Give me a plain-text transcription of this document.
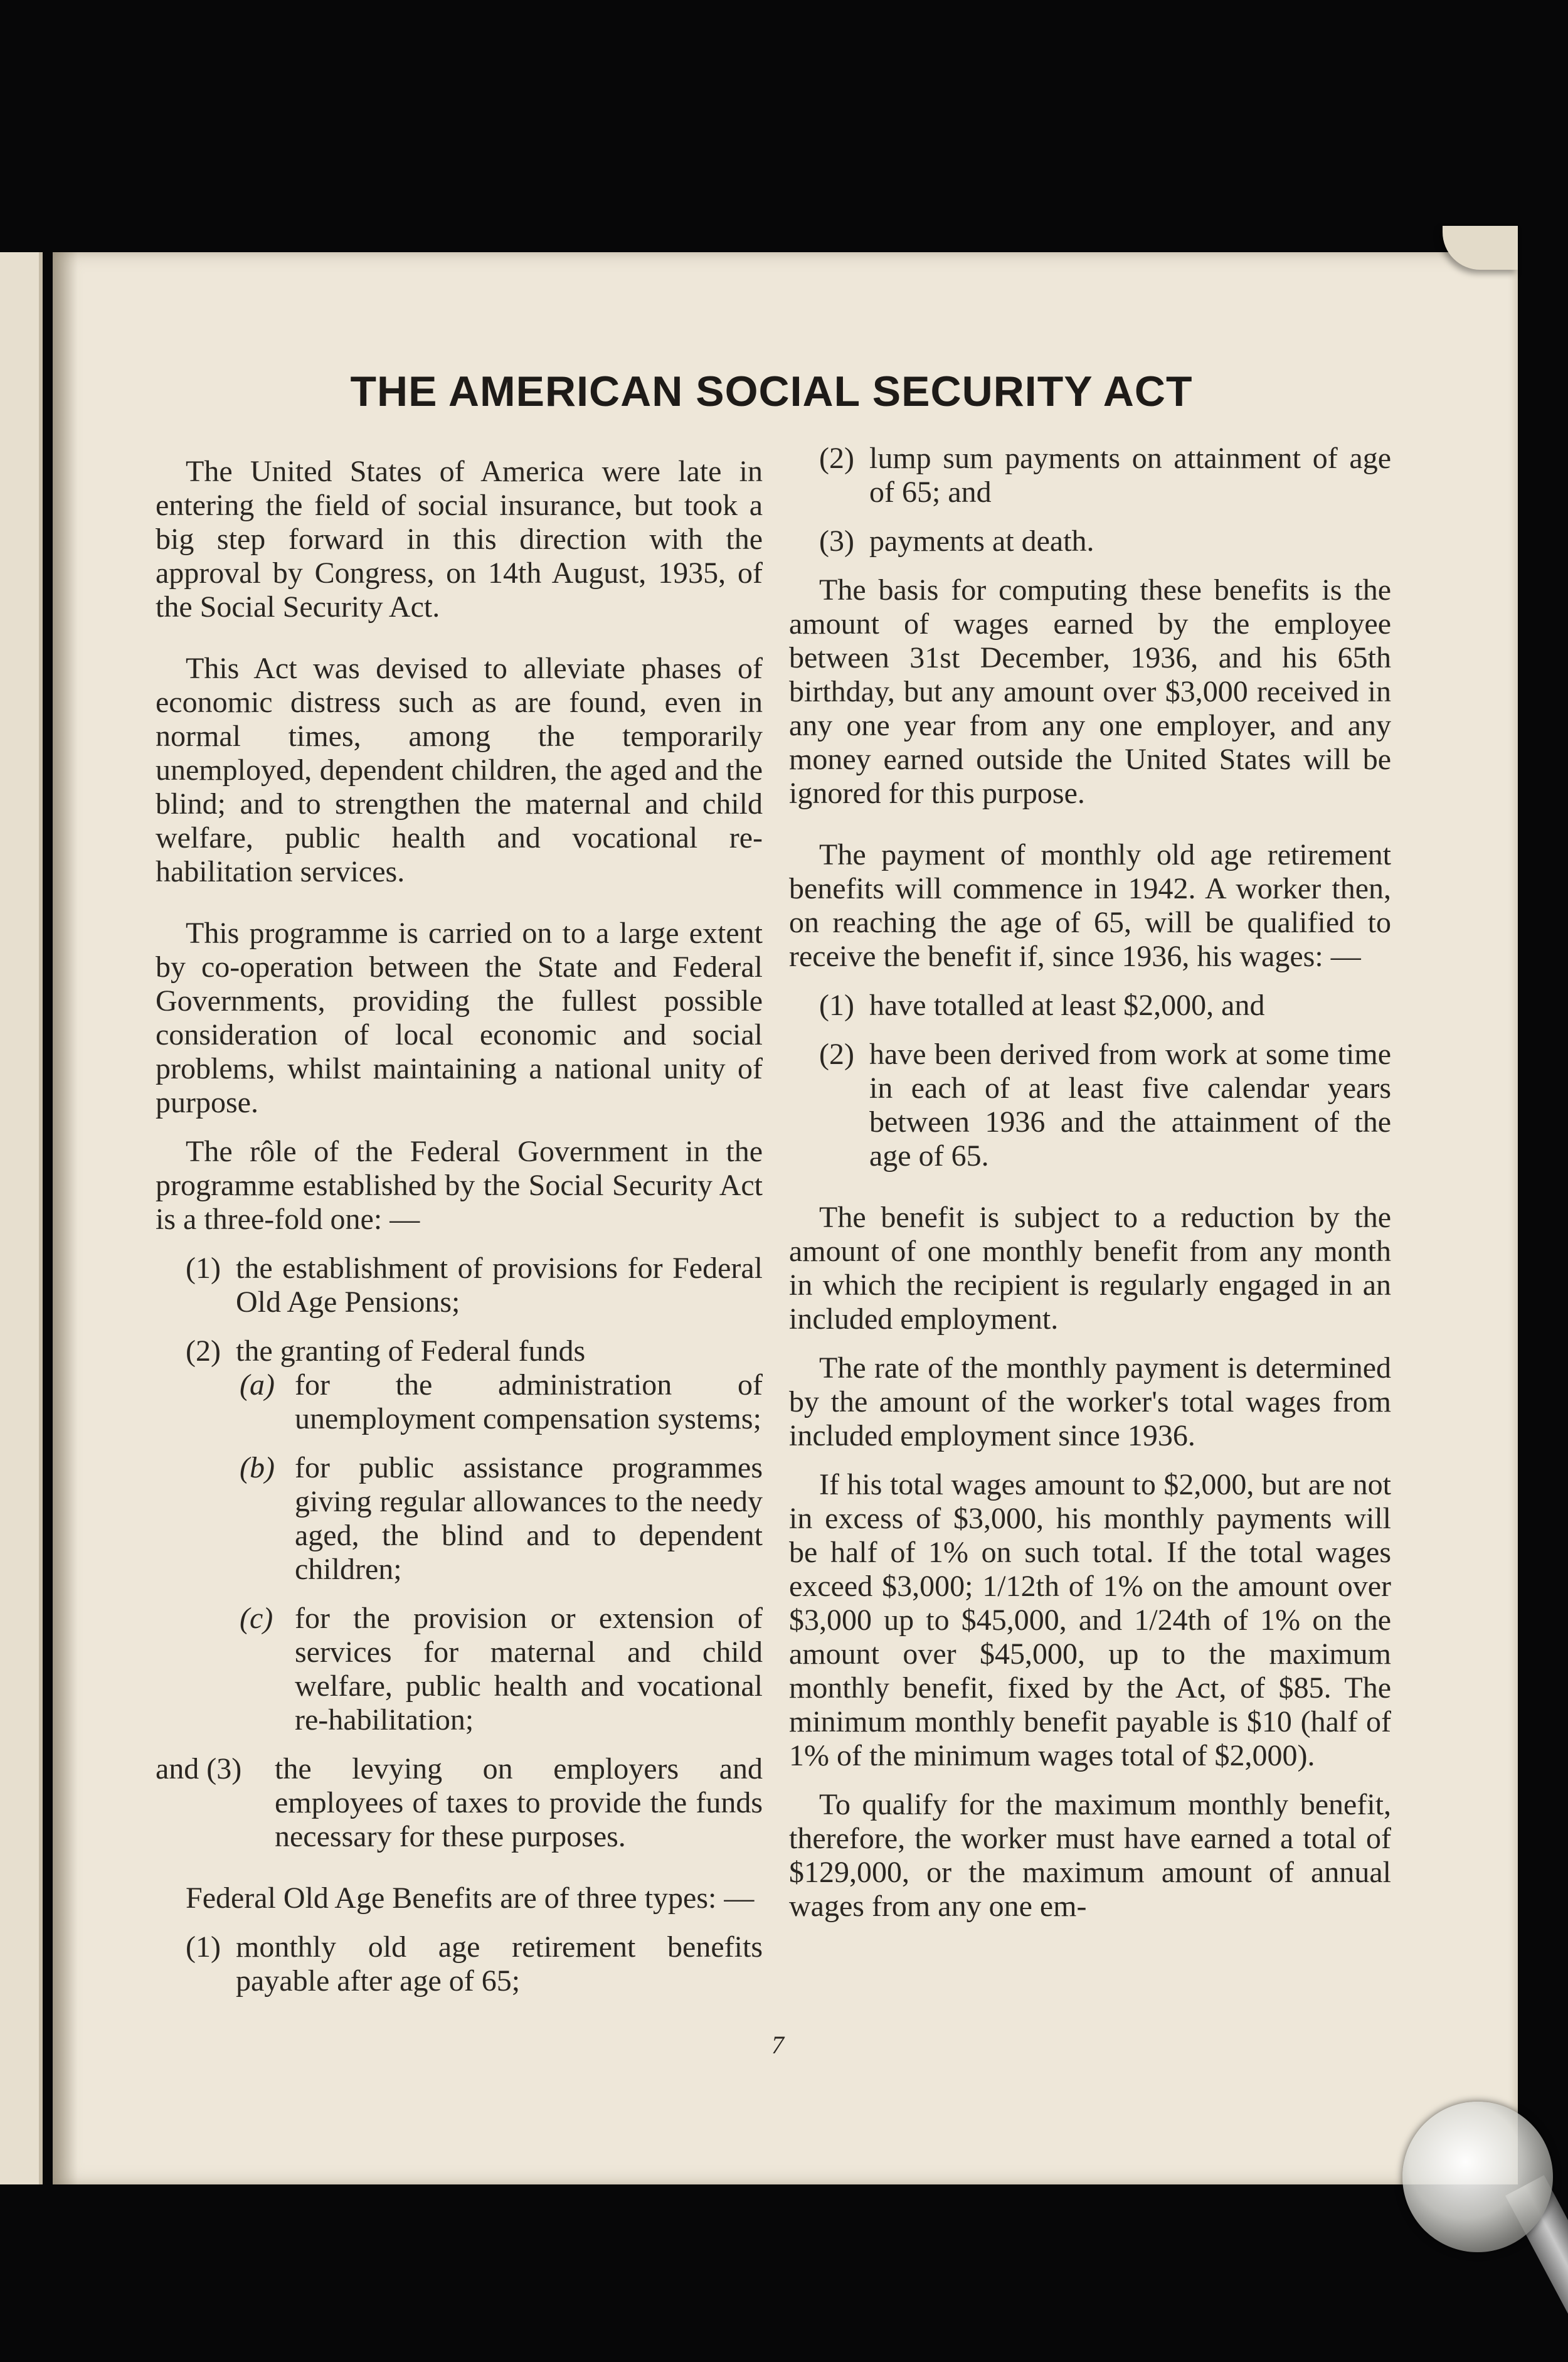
THE AMERICAN SOCIAL SECURITY ACT

The United States of America were late in entering the field of social insurance, but took a big step forward in this direction with the approval by Congress, on 14th August, 1935, of the Social Security Act.

This Act was devised to alleviate phases of economic distress such as are found, even in normal times, among the temporarily unemployed, dependent children, the aged and the blind; and to strengthen the maternal and child welfare, public health and vocational re-habilitation services.

This programme is carried on to a large extent by co-operation between the State and Federal Governments, providing the fullest possible consideration of local economic and social problems, whilst maintaining a national unity of purpose.

The rôle of the Federal Government in the programme established by the Social Security Act is a three-fold one: —

(1) the establishment of provisions for Federal Old Age Pensions;
(2) the granting of Federal funds
(a) for the administration of unemployment compensation systems;
(b) for public assistance programmes giving regular allowances to the needy aged, the blind and to dependent children;
(c) for the provision or extension of services for maternal and child welfare, public health and vocational re-habilitation;
and (3)	the levying on employers and employees of taxes to provide the funds necessary for these purposes.

Federal Old Age Benefits are of three types: —

(1) monthly old age retirement benefits payable after age of 65;
(2) lump sum payments on attainment of age of 65; and
(3) payments at death.

The basis for computing these benefits is the amount of wages earned by the employee between 31st December, 1936, and his 65th birthday, but any amount over $3,000 received in any one year from any one employer, and any money earned outside the United States will be ignored for this purpose.

The payment of monthly old age retirement benefits will commence in 1942. A worker then, on reaching the age of 65, will be qualified to receive the benefit if, since 1936, his wages: —

(1) have totalled at least $2,000, and
(2) have been derived from work at some time in each of at least five calendar years between 1936 and the attainment of the age of 65.

The benefit is subject to a reduction by the amount of one monthly benefit from any month in which the recipient is regularly engaged in an included employment.

The rate of the monthly payment is determined by the amount of the worker's total wages from included employment since 1936.

If his total wages amount to $2,000, but are not in excess of $3,000, his monthly payments will be half of 1% on such total. If the total wages exceed $3,000; 1/12th of 1% on the amount over $3,000 up to $45,000, and 1/24th of 1% on the amount over $45,000, up to the maximum monthly benefit, fixed by the Act, of $85. The minimum monthly benefit payable is $10 (half of 1% of the minimum wages total of $2,000).

To qualify for the maximum monthly benefit, therefore, the worker must have earned a total of $129,000, or the maximum amount of annual wages from any one em-

7
